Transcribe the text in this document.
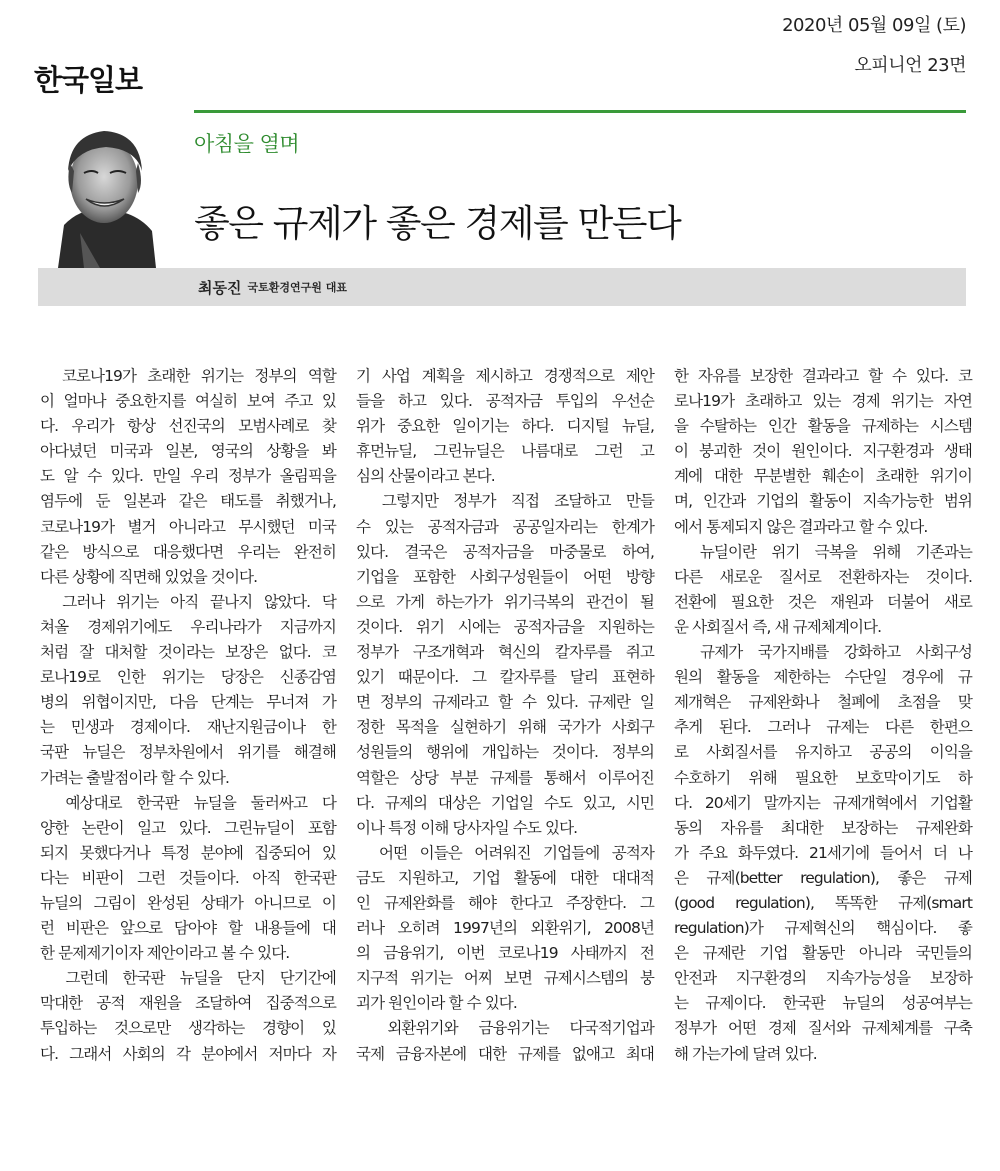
한국일보
2020년 05월 09일 (토)
오피니언 23면
아침을 열며
좋은 규제가 좋은 경제를 만든다
최동진 국토환경연구원 대표
　코로나19가 초래한 위기는 정부의 역할
이 얼마나 중요한지를 여실히 보여 주고 있
다. 우리가 항상 선진국의 모범사례로 찾
아다녔던 미국과 일본, 영국의 상황을 봐
도 알 수 있다. 만일 우리 정부가 올림픽을
염두에 둔 일본과 같은 태도를 취했거나,
코로나19가 별거 아니라고 무시했던 미국
같은 방식으로 대응했다면 우리는 완전히
다른 상황에 직면해 있었을 것이다.
　그러나 위기는 아직 끝나지 않았다. 닥
쳐올 경제위기에도 우리나라가 지금까지
처럼 잘 대처할 것이라는 보장은 없다. 코
로나19로 인한 위기는 당장은 신종감염
병의 위협이지만, 다음 단계는 무너져 가
는 민생과 경제이다. 재난지원금이나 한
국판 뉴딜은 정부차원에서 위기를 해결해
가려는 출발점이라 할 수 있다.
　예상대로 한국판 뉴딜을 둘러싸고 다
양한 논란이 일고 있다. 그린뉴딜이 포함
되지 못했다거나 특정 분야에 집중되어 있
다는 비판이 그런 것들이다. 아직 한국판
뉴딜의 그림이 완성된 상태가 아니므로 이
런 비판은 앞으로 담아야 할 내용들에 대
한 문제제기이자 제안이라고 볼 수 있다.
　그런데 한국판 뉴딜을 단지 단기간에
막대한 공적 재원을 조달하여 집중적으로
투입하는 것으로만 생각하는 경향이 있
다. 그래서 사회의 각 분야에서 저마다 자
기 사업 계획을 제시하고 경쟁적으로 제안
들을 하고 있다. 공적자금 투입의 우선순
위가 중요한 일이기는 하다. 디지털 뉴딜,
휴먼뉴딜, 그린뉴딜은 나름대로 그런 고
심의 산물이라고 본다.
　그렇지만 정부가 직접 조달하고 만들
수 있는 공적자금과 공공일자리는 한계가
있다. 결국은 공적자금을 마중물로 하여,
기업을 포함한 사회구성원들이 어떤 방향
으로 가게 하는가가 위기극복의 관건이 될
것이다. 위기 시에는 공적자금을 지원하는
정부가 구조개혁과 혁신의 칼자루를 쥐고
있기 때문이다. 그 칼자루를 달리 표현하
면 정부의 규제라고 할 수 있다. 규제란 일
정한 목적을 실현하기 위해 국가가 사회구
성원들의 행위에 개입하는 것이다. 정부의
역할은 상당 부분 규제를 통해서 이루어진
다. 규제의 대상은 기업일 수도 있고, 시민
이나 특정 이해 당사자일 수도 있다.
　어떤 이들은 어려워진 기업들에 공적자
금도 지원하고, 기업 활동에 대한 대대적
인 규제완화를 해야 한다고 주장한다. 그
러나 오히려 1997년의 외환위기, 2008년
의 금융위기, 이번 코로나19 사태까지 전
지구적 위기는 어찌 보면 규제시스템의 붕
괴가 원인이라 할 수 있다.
　외환위기와 금융위기는 다국적기업과
국제 금융자본에 대한 규제를 없애고 최대
한 자유를 보장한 결과라고 할 수 있다. 코
로나19가 초래하고 있는 경제 위기는 자연
을 수탈하는 인간 활동을 규제하는 시스템
이 붕괴한 것이 원인이다. 지구환경과 생태
계에 대한 무분별한 훼손이 초래한 위기이
며, 인간과 기업의 활동이 지속가능한 범위
에서 통제되지 않은 결과라고 할 수 있다.
　뉴딜이란 위기 극복을 위해 기존과는
다른 새로운 질서로 전환하자는 것이다.
전환에 필요한 것은 재원과 더불어 새로
운 사회질서 즉, 새 규제체계이다.
　규제가 국가지배를 강화하고 사회구성
원의 활동을 제한하는 수단일 경우에 규
제개혁은 규제완화나 철폐에 초점을 맞
추게 된다. 그러나 규제는 다른 한편으
로 사회질서를 유지하고 공공의 이익을
수호하기 위해 필요한 보호막이기도 하
다. 20세기 말까지는 규제개혁에서 기업활
동의 자유를 최대한 보장하는 규제완화
가 주요 화두였다. 21세기에 들어서 더 나
은 규제(better regulation), 좋은 규제
(good regulation), 똑똑한 규제(smart
regulation)가 규제혁신의 핵심이다. 좋
은 규제란 기업 활동만 아니라 국민들의
안전과 지구환경의 지속가능성을 보장하
는 규제이다. 한국판 뉴딜의 성공여부는
정부가 어떤 경제 질서와 규제체계를 구축
해 가는가에 달려 있다.
